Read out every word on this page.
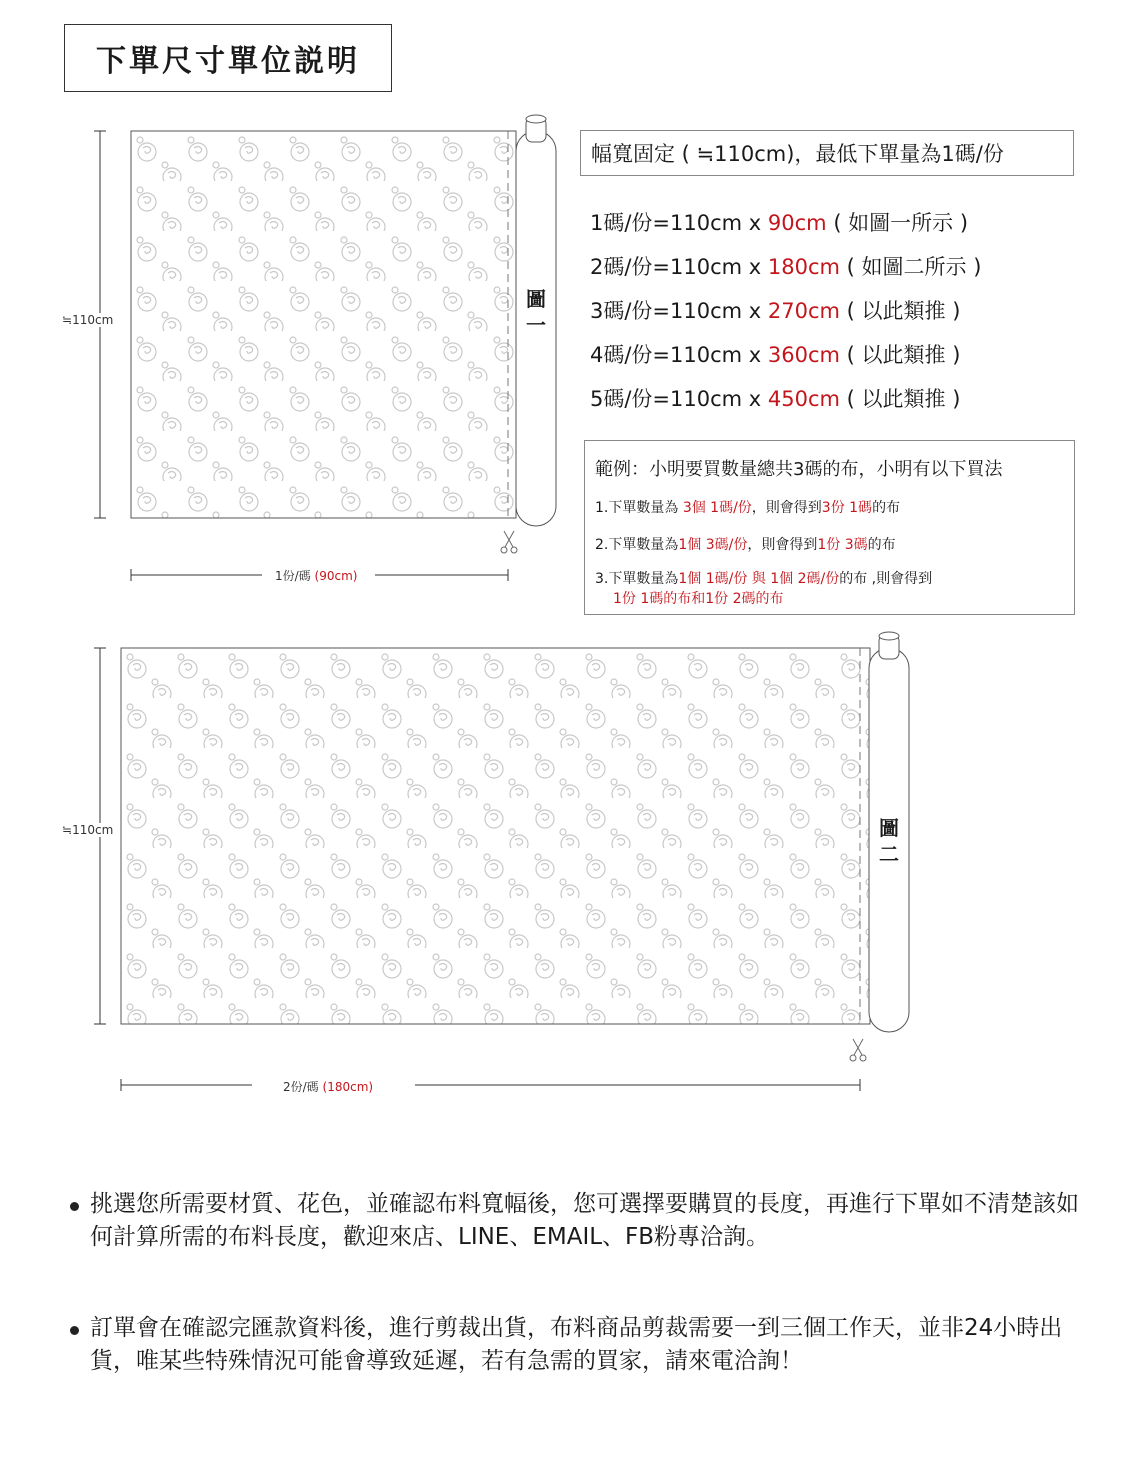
下單尺寸單位説明
≒110cm
1份/碼 (90cm)
圖
一
≒110cm
2份/碼 (180cm)
圖
二
幅寬固定 ( ≒110cm)，最低下單量為1碼/份
1碼/份=110cm x 90cm ( 如圖一所示 )
2碼/份=110cm x 180cm ( 如圖二所示 )
3碼/份=110cm x 270cm ( 以此類推 )
4碼/份=110cm x 360cm ( 以此類推 )
5碼/份=110cm x 450cm ( 以此類推 )
範例：小明要買數量總共3碼的布，小明有以下買法
1.下單數量為 3個 1碼/份，則會得到3份 1碼的布
2.下單數量為1個 3碼/份，則會得到1份 3碼的布
3.下單數量為1個 1碼/份 與 1個 2碼/份的布 ,則會得到
1份 1碼的布和1份 2碼的布
挑選您所需要材質、花色，並確認布料寬幅後，您可選擇要購買的長度，再進行下單如不清楚該如何計算所需的布料長度，歡迎來店、LINE、EMAIL、FB粉專洽詢。
訂單會在確認完匯款資料後，進行剪裁出貨，布料商品剪裁需要一到三個工作天，並非24小時出貨，唯某些特殊情況可能會導致延遲，若有急需的買家，請來電洽詢！
